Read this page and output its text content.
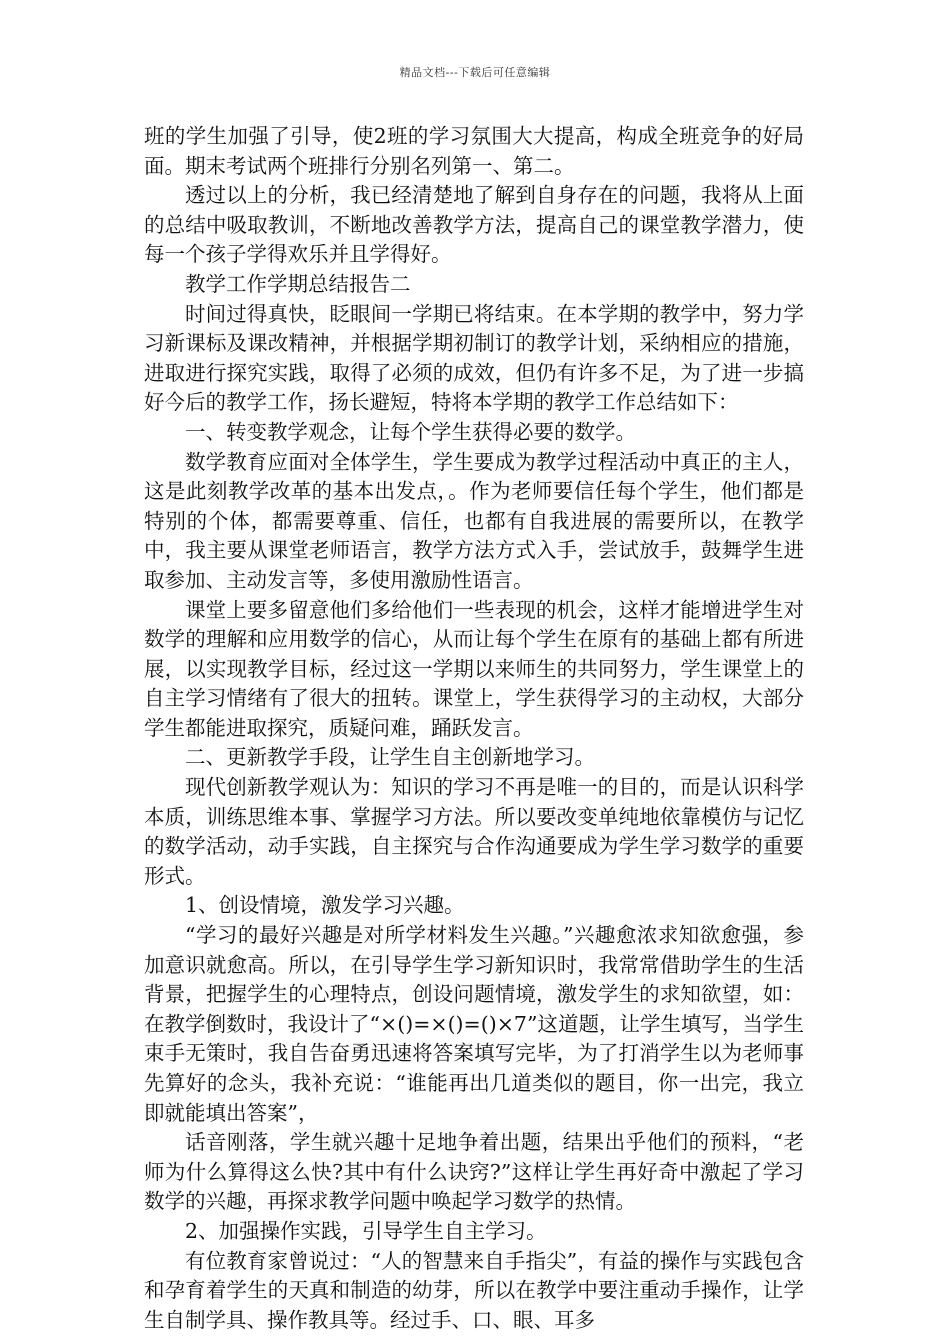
精品文档---下载后可任意编辑

班的学生加强了引导，使2班的学习氛围大大提高，构成全班竞争的好局面。期末考试两个班排行分别名列第一、第二。

透过以上的分析，我已经清楚地了解到自身存在的问题，我将从上面的总结中吸取教训，不断地改善教学方法，提高自己的课堂教学潜力，使每一个孩子学得欢乐并且学得好。

教学工作学期总结报告二

时间过得真快，眨眼间一学期已将结束。在本学期的教学中，努力学习新课标及课改精神，并根据学期初制订的教学计划，采纳相应的措施，进取进行探究实践，取得了必须的成效，但仍有许多不足，为了进一步搞好今后的教学工作，扬长避短，特将本学期的教学工作总结如下：

一、转变教学观念，让每个学生获得必要的数学。

数学教育应面对全体学生，学生要成为教学过程活动中真正的主人，这是此刻教学改革的基本出发点，。作为老师要信任每个学生，他们都是特别的个体，都需要尊重、信任，也都有自我进展的需要所以，在教学中，我主要从课堂老师语言，教学方法方式入手，尝试放手，鼓舞学生进取参加、主动发言等，多使用激励性语言。

课堂上要多留意他们多给他们一些表现的机会，这样才能增进学生对数学的理解和应用数学的信心，从而让每个学生在原有的基础上都有所进展，以实现教学目标，经过这一学期以来师生的共同努力，学生课堂上的自主学习情绪有了很大的扭转。课堂上，学生获得学习的主动权，大部分学生都能进取探究，质疑问难，踊跃发言。

二、更新教学手段，让学生自主创新地学习。

现代创新教学观认为：知识的学习不再是唯一的目的，而是认识科学本质，训练思维本事、掌握学习方法。所以要改变单纯地依靠模仿与记忆的数学活动，动手实践，自主探究与合作沟通要成为学生学习数学的重要形式。

1、创设情境，激发学习兴趣。

“学习的最好兴趣是对所学材料发生兴趣。”兴趣愈浓求知欲愈强，参加意识就愈高。所以，在引导学生学习新知识时，我常常借助学生的生活背景，把握学生的心理特点，创设问题情境，激发学生的求知欲望，如：在教学倒数时，我设计了“×()=×()=()×7”这道题，让学生填写，当学生束手无策时，我自告奋勇迅速将答案填写完毕，为了打消学生以为老师事先算好的念头，我补充说：“谁能再出几道类似的题目，你一出完，我立即就能填出答案”，

话音刚落，学生就兴趣十足地争着出题，结果出乎他们的预料，“老师为什么算得这么快?其中有什么诀窍?”这样让学生再好奇中激起了学习数学的兴趣，再探求教学问题中唤起学习数学的热情。

2、加强操作实践，引导学生自主学习。

有位教育家曾说过：“人的智慧来自手指尖”，有益的操作与实践包含和孕育着学生的天真和制造的幼芽，所以在教学中要注重动手操作，让学生自制学具、操作教具等。经过手、口、眼、耳多
